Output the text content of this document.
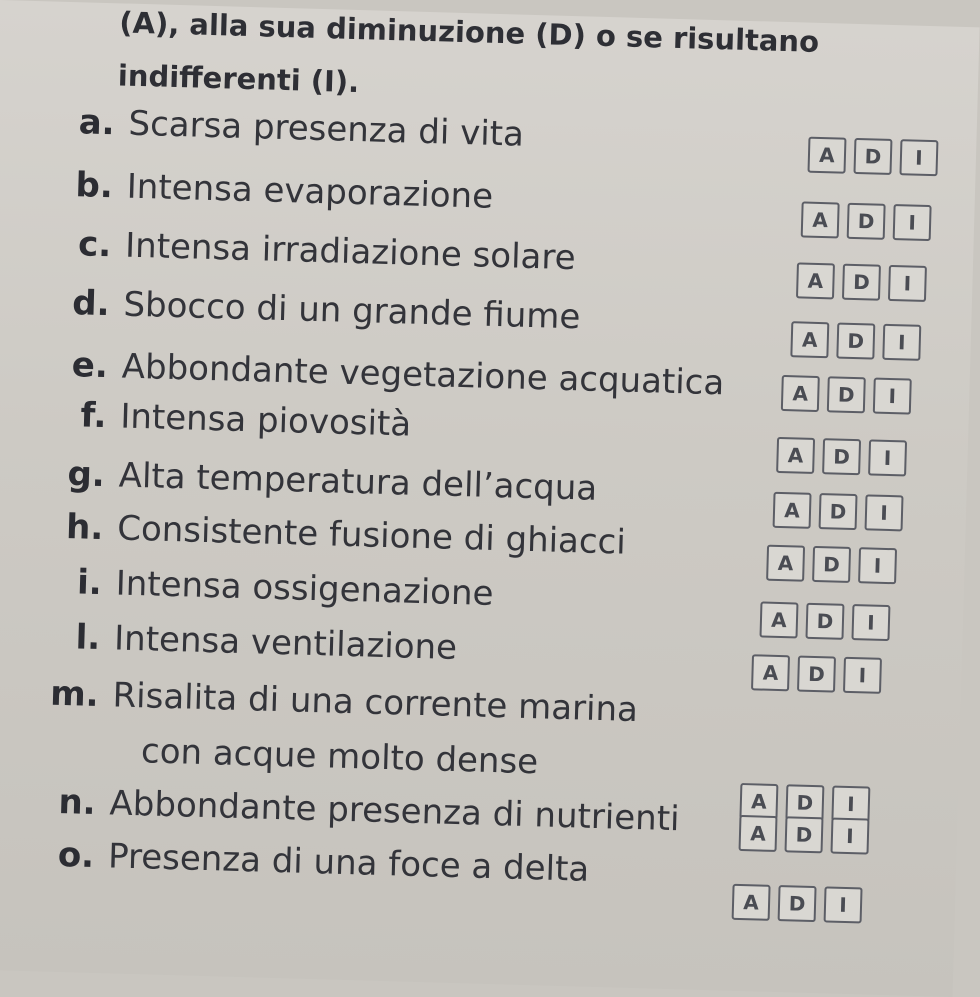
(A), alla sua diminuzione (D) o se risultano
indifferenti (I).
a. Scarsa presenza di vita
A	D	I
b. Intensa evaporazione
A	D	I
c. Intensa irradiazione solare
A	D	I
d. Sbocco di un grande fiume
A	D	I
e. Abbondante vegetazione acquatica	A	D	I
f. Intensa piovosità
A	D	I
g. Alta temperatura dell’acqua
A	D	I
h. Consistente fusione di ghiacci
A	D	I
i. Intensa ossigenazione
A	D	I
l. Intensa ventilazione
A	D	I
m. Risalita di una corrente marina
con acque molto dense
A	D	I
n. Abbondante presenza di nutrienti	A	D	I
o. Presenza di una foce a delta
A	D	I
